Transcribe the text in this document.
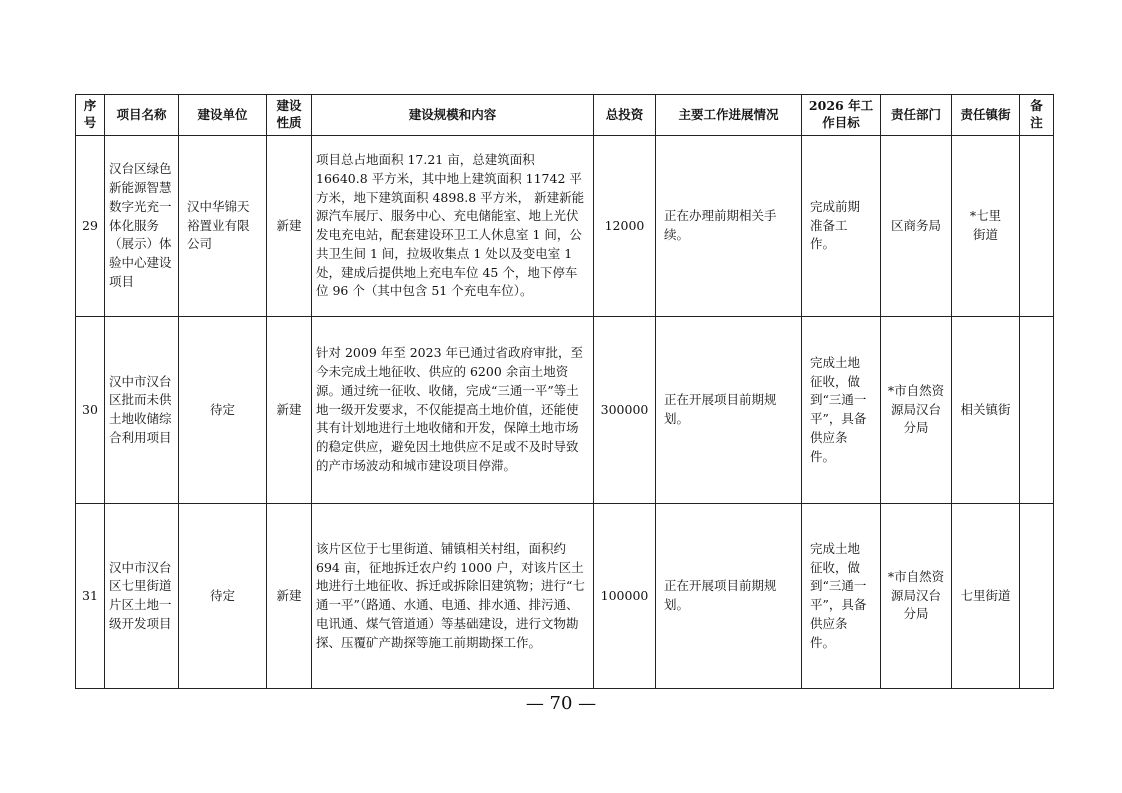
序号	项目名称	建设单位	建设性质	建设规模和内容	总投资	主要工作进展情况	2026 年工作目标	责任部门	责任镇街	备注
29	汉台区绿色新能源智慧数字光充一体化服务（展示）体验中心建设项目	汉中华锦天裕置业有限公司	新建	项目总占地面积 17.21 亩，总建筑面积 16640.8 平方米，其中地上建筑面积 11742 平方米，地下建筑面积 4898.8 平方米， 新建新能源汽车展厅、服务中心、充电储能室、地上光伏发电充电站，配套建设环卫工人休息室 1 间，公共卫生间 1 间，拉圾收集点 1 处以及变电室 1 处，建成后提供地上充电车位 45 个，地下停车位 96 个（其中包含 51 个充电车位）。	12000	正在办理前期相关手续。	完成前期准备工作。	区商务局	*七里街道	
30	汉中市汉台区批而未供土地收储综合利用项目	待定	新建	针对 2009 年至 2023 年已通过省政府审批，至今未完成土地征收、供应的 6200 余亩土地资源。通过统一征收、收储，完成“三通一平”等土地一级开发要求，不仅能提高土地价值，还能使其有计划地进行土地收储和开发，保障土地市场的稳定供应，避免因土地供应不足或不及时导致的产市场波动和城市建设项目停滞。	300000	正在开展项目前期规划。	完成土地征收，做到“三通一平”，具备供应条件。	*市自然资源局汉台分局	相关镇街	
31	汉中市汉台区七里街道片区土地一级开发项目	待定	新建	该片区位于七里街道、铺镇相关村组，面积约 694 亩，征地拆迁农户约 1000 户，对该片区土地进行土地征收、拆迁或拆除旧建筑物；进行“七通一平”（路通、水通、电通、排水通、排污通、电讯通、煤气管道通）等基础建设，进行文物勘探、压覆矿产勘探等施工前期勘探工作。	100000	正在开展项目前期规划。	完成土地征收，做到“三通一平”，具备供应条件。	*市自然资源局汉台分局	七里街道	
— 70 —
